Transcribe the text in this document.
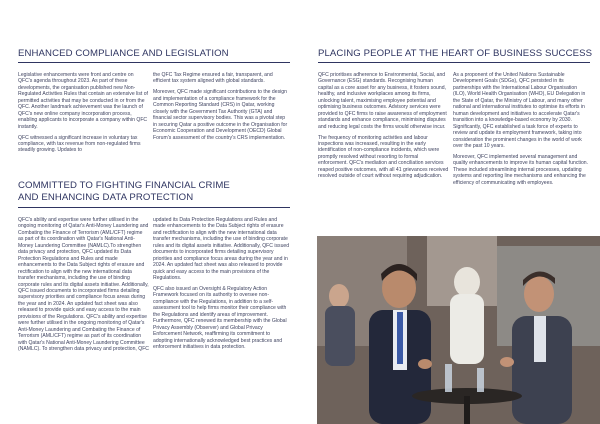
ENHANCED COMPLIANCE AND LEGISLATION	PLACING PEOPLE AT THE HEART OF BUSINESS SUCCESS
COMMITTED TO FIGHTING FINANCIAL CRIME
AND ENHANCING DATA PROTECTION

Legislative enhancements were front and centre on QFC's agenda throughout 2023. As part of these developments, the organisation published new Non-Regulated Activities Rules that contain an extensive list of permitted activities that may be conducted in or from the QFC. Another landmark achievement was the launch of QFC's new online company incorporation process, enabling applicants to incorporate a company within QFC instantly.

QFC witnessed a significant increase in voluntary tax compliance, with tax revenue from non-regulated firms steadily growing. Updates to

the QFC Tax Regime ensured a fair, transparent, and efficient tax system aligned with global standards.

Moreover, QFC made significant contributions to the design and implementation of a compliance framework for the Common Reporting Standard (CRS) in Qatar, working closely with the Government Tax Authority (GTA) and financial sector supervisory bodies. This was a pivotal step in securing Qatar a positive outcome in the Organisation for Economic Cooperation and Development (OECD) Global Forum's assessment of the country's CRS implementation.

QFC prioritises adherence to Environmental, Social, and Governance (ESG) standards. Recognising human capital as a core asset for any business, it fosters sound, healthy, and inclusive workplaces among its firms, unlocking talent, maximising employee potential and optimising business outcomes. Advisory services were provided to QFC firms to raise awareness of employment standards and enhance compliance, minimising disputes and reducing legal costs the firms would otherwise incur.

The frequency of monitoring activities and labour inspections was increased, resulting in the early identification of non-compliance incidents, which were promptly resolved without resorting to formal enforcement. QFC's mediation and conciliation services reaped positive outcomes, with all 41 grievances received resolved outside of court without requiring adjudication.

As a proponent of the United Nations Sustainable Development Goals (SDGs), QFC persisted in its partnerships with the International Labour Organisation (ILO), World Health Organisation (WHO), EU Delegation in the State of Qatar, the Ministry of Labour, and many other national and international institutes to optimise its efforts in human development and initiatives to accelerate Qatar's transition into a knowledge-based economy by 2030. Significantly, QFC established a task force of experts to review and update its employment framework, taking into consideration the prominent changes in the world of work over the past 10 years.

Moreover, QFC implemented several management and quality enhancements to improve its human capital function. These included streamlining internal processes, updating systems and reporting line mechanisms and enhancing the efficiency of communicating with employees.

QFC's ability and expertise were further utilised in the ongoing monitoring of Qatar's Anti-Money Laundering and Combating the Finance of Terrorism (AML/CFT) regime as part of its coordination with Qatar's National Anti-Money Laundering Committee (NAMLC).To strengthen data privacy and protection, QFC updated its Data Protection Regulations and Rules and made enhancements to the Data Subject rights of erasure and rectification to align with the new international data transfer mechanisms, including the use of binding corporate rules and its digital assets initiative. Additionally, QFC issued documents to incorporated firms detailing supervisory priorities and compliance focus areas during the year and in 2024. An updated fact sheet was also released to provide quick and easy access to the main provisions of the Regulations. QFC's ability and expertise were further utilised in the ongoing monitoring of Qatar's Anti-Money Laundering and Combating the Finance of Terrorism (AML/CFT) regime as part of its coordination with Qatar's National Anti-Money Laundering Committee (NAMLC). To strengthen data privacy and protection, QFC

updated its Data Protection Regulations and Rules and made enhancements to the Data Subject rights of erasure and rectification to align with the new international data transfer mechanisms, including the use of binding corporate rules and its digital assets initiative. Additionally, QFC issued documents to incorporated firms detailing supervisory priorities and compliance focus areas during the year and in 2024. An updated fact sheet was also released to provide quick and easy access to the main provisions of the Regulations.

QFC also issued an Oversight & Regulatory Action Framework focused on its authority to oversee non-compliance with the Regulations, in addition to a self-assessment tool to help firms monitor their compliance with the Regulations and identify areas of improvement. Furthermore, QFC renewed its membership with the Global Privacy Assembly (Observer) and Global Privacy Enforcement Network, reaffirming its commitment to adopting internationally acknowledged best practices and enforcement initiatives in data protection.
